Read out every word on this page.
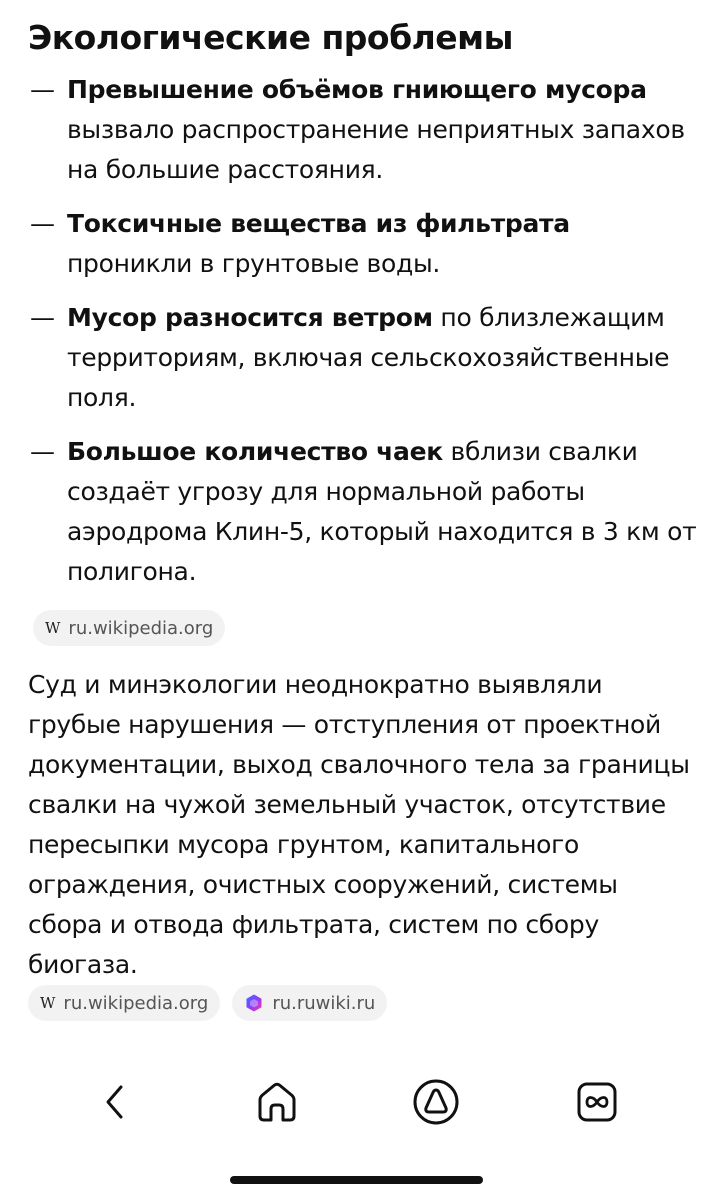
Экологические проблемы
— Превышение объёмов гниющего мусора вызвало распространение неприятных запахов на большие расстояния.
— Токсичные вещества из фильтрата проникли в грунтовые воды.
— Мусор разносится ветром по близлежащим территориям, включая сельскохозяйственные поля.
— Большое количество чаек вблизи свалки создаёт угрозу для нормальной работы аэродрома Клин-5, который находится в 3 км от полигона.
W ru.wikipedia.org
Суд и минэкологии неоднократно выявляли грубые нарушения — отступления от проектной документации, выход свалочного тела за границы свалки на чужой земельный участок, отсутствие пересыпки мусора грунтом, капитального ограждения, очистных сооружений, системы сбора и отвода фильтрата, систем по сбору биогаза.
W ru.wikipedia.org	ru.ruwiki.ru
